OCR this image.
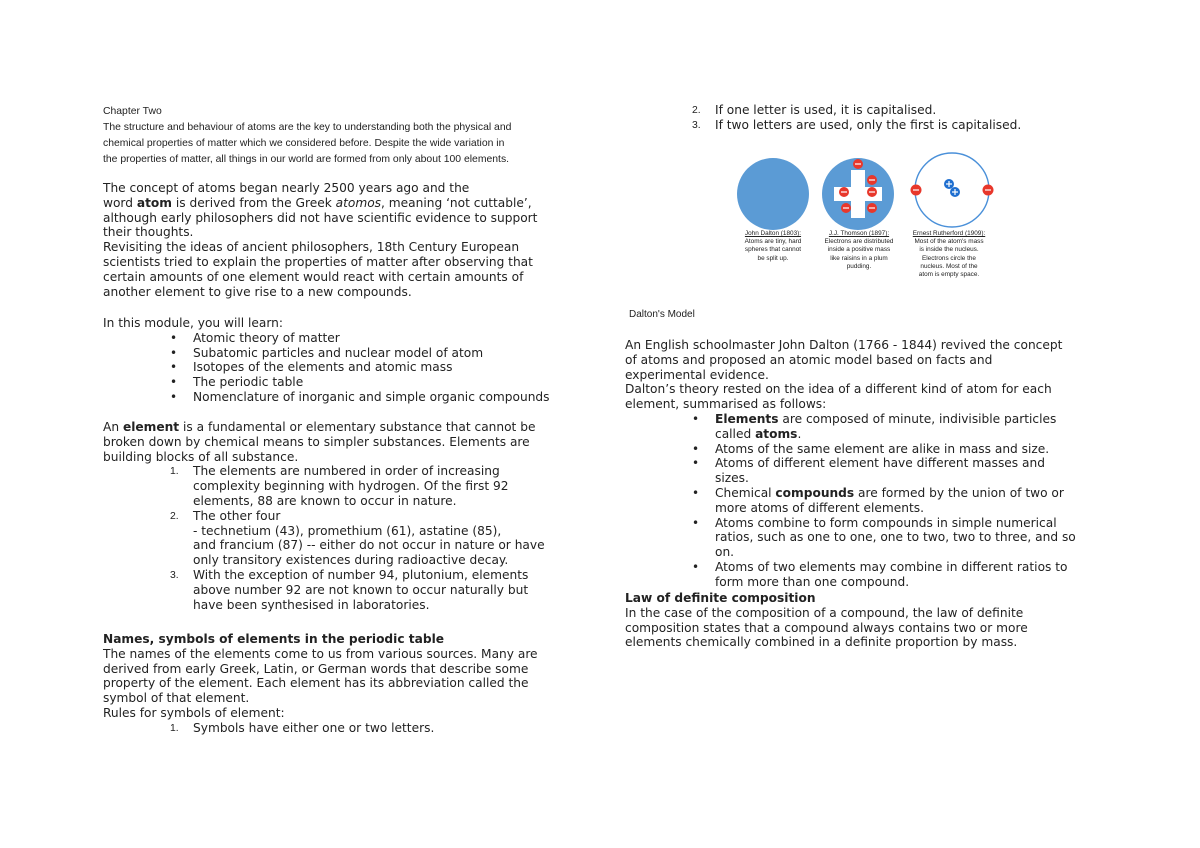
Chapter Two

The structure and behaviour of atoms are the key to understanding both the physical and

chemical properties of matter which we considered before. Despite the wide variation in

the properties of matter, all things in our world are formed from only about 100 elements.

The concept of atoms began nearly 2500 years ago and the

word atom is derived from the Greek atomos, meaning ‘not cuttable’,

although early philosophers did not have scientific evidence to support

their thoughts.

Revisiting the ideas of ancient philosophers, 18th Century European

scientists tried to explain the properties of matter after observing that

certain amounts of one element would react with certain amounts of

another element to give rise to a new compounds.

In this module, you will learn:

• Atomic theory of matter
• Subatomic particles and nuclear model of atom
• Isotopes of the elements and atomic mass
• The periodic table
• Nomenclature of inorganic and simple organic compounds

An element is a fundamental or elementary substance that cannot be

broken down by chemical means to simpler substances. Elements are

building blocks of all substance.

1. The elements are numbered in order of increasing
complexity beginning with hydrogen. Of the first 92
elements, 88 are known to occur in nature.
2. The other four
- technetium (43), promethium (61), astatine (85),
and francium (87) -- either do not occur in nature or have
only transitory existences during radioactive decay.
3. With the exception of number 94, plutonium, elements
above number 92 are not known to occur naturally but
have been synthesised in laboratories.

Names, symbols of elements in the periodic table

The names of the elements come to us from various sources. Many are

derived from early Greek, Latin, or German words that describe some

property of the element. Each element has its abbreviation called the

symbol of that element.

Rules for symbols of element:

1. Symbols have either one or two letters.
2. If one letter is used, it is capitalised.
3. If two letters are used, only the first is capitalised.
John Dalton (1803):
Atoms are tiny, hard
spheres that cannot
be split up.
J.J. Thomson (1897):
Electrons are distributed
inside a positive mass
like raisins in a plum
pudding.
Ernest Rutherford (1909):
Most of the atom's mass
is inside the nucleus.
Electrons circle the
nucleus. Most of the
atom is empty space.

Dalton's Model

An English schoolmaster John Dalton (1766 - 1844) revived the concept

of atoms and proposed an atomic model based on facts and

experimental evidence.

Dalton’s theory rested on the idea of a different kind of atom for each

element, summarised as follows:

• Elements are composed of minute, indivisible particles
called atoms.
• Atoms of the same element are alike in mass and size.
• Atoms of different element have different masses and
sizes.
• Chemical compounds are formed by the union of two or
more atoms of different elements.
• Atoms combine to form compounds in simple numerical
ratios, such as one to one, one to two, two to three, and so
on.
• Atoms of two elements may combine in different ratios to
form more than one compound.

Law of definite composition

In the case of the composition of a compound, the law of definite

composition states that a compound always contains two or more

elements chemically combined in a definite proportion by mass.
